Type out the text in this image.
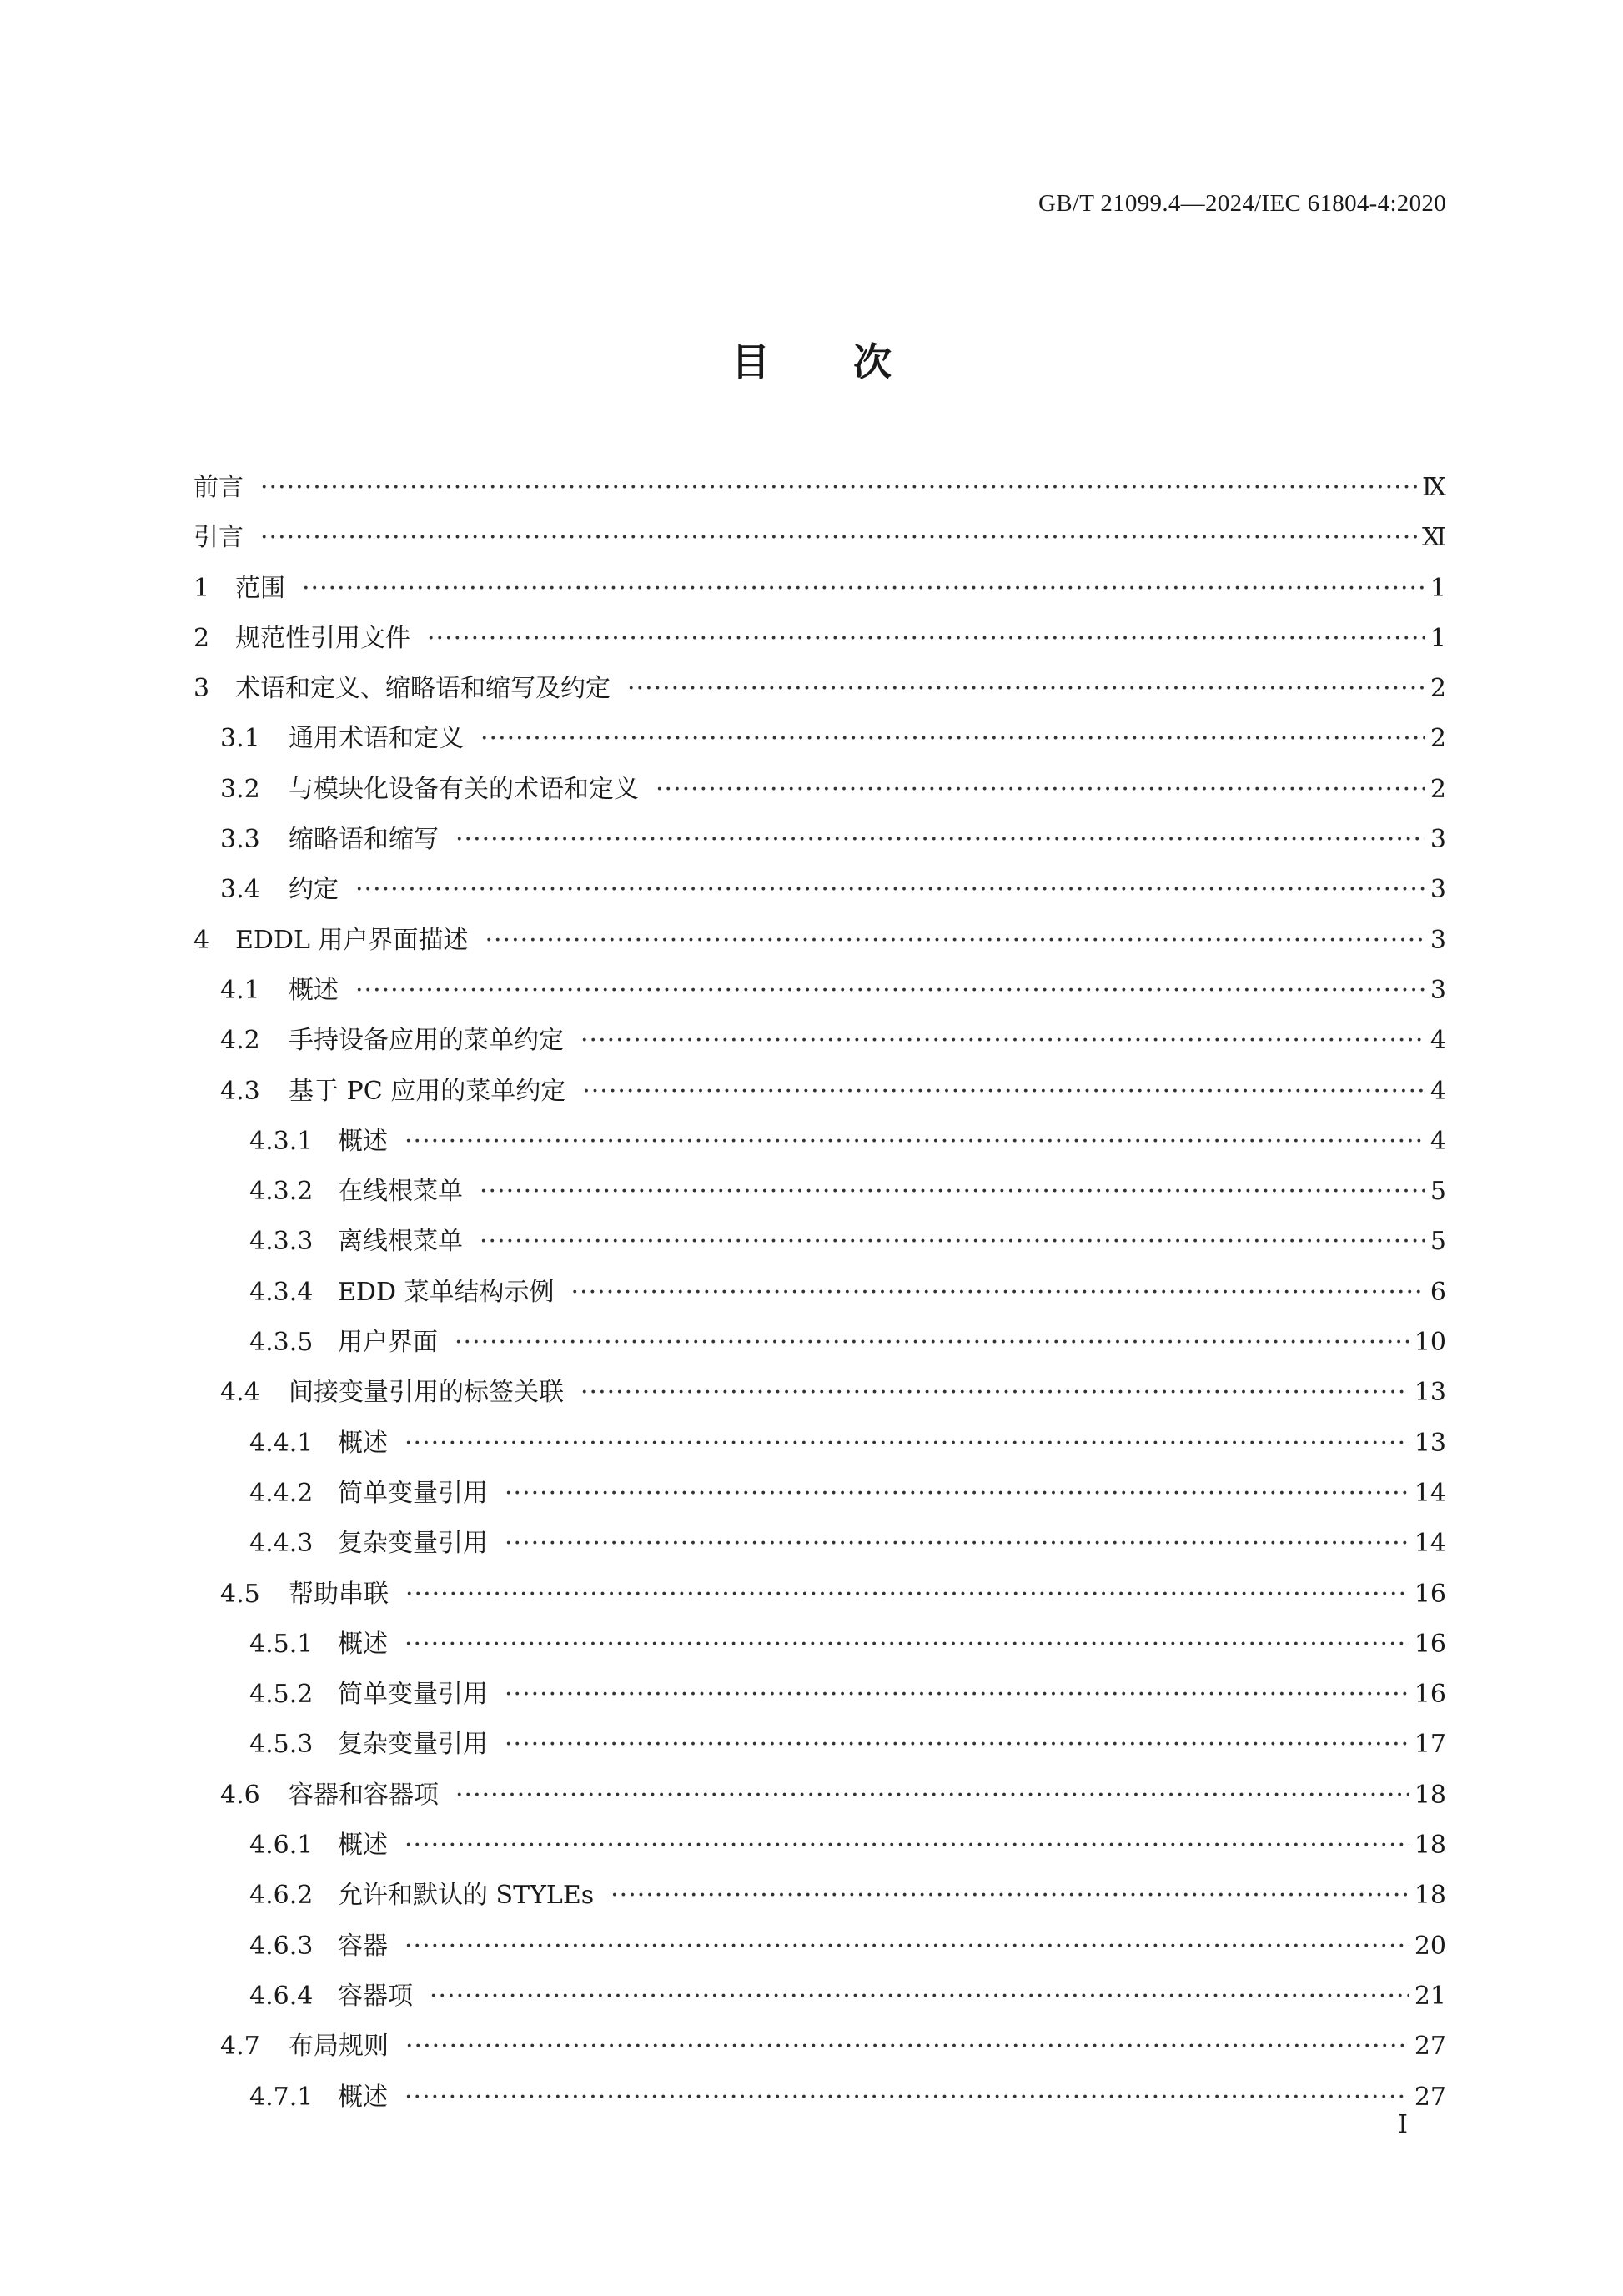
GB/T 21099.4—2024/IEC 61804-4:2020
目 次
前言 ·····	Ⅸ
引言 ·····	Ⅺ
1	范围 ·····	1
2	规范性引用文件 ·····	1
3	术语和定义、缩略语和缩写及约定 ·····	2
3.1	通用术语和定义 ·····	2
3.2	与模块化设备有关的术语和定义 ·····	2
3.3	缩略语和缩写 ·····	3
3.4	约定 ·····	3
4	EDDL 用户界面描述 ·····	3
4.1	概述 ·····	3
4.2	手持设备应用的菜单约定 ·····	4
4.3	基于 PC 应用的菜单约定 ·····	4
4.3.1 概述 ·····	4
4.3.2 在线根菜单 ·····	5
4.3.3 离线根菜单 ·····	5
4.3.4 EDD 菜单结构示例 ·····	6
4.3.5 用户界面 ·····	10
4.4	间接变量引用的标签关联 ·····	13
4.4.1 概述 ·····	13
4.4.2 简单变量引用 ·····	14
4.4.3 复杂变量引用 ·····	14
4.5	帮助串联 ·····	16
4.5.1 概述 ·····	16
4.5.2 简单变量引用 ·····	16
4.5.3 复杂变量引用 ·····	17
4.6	容器和容器项 ·····	18
4.6.1 概述 ·····	18
4.6.2 允许和默认的 STYLEs ·····	18
4.6.3 容器 ·····	20
4.6.4 容器项 ·····	21
4.7	布局规则 ·····	27
4.7.1 概述 ·····	27
I
